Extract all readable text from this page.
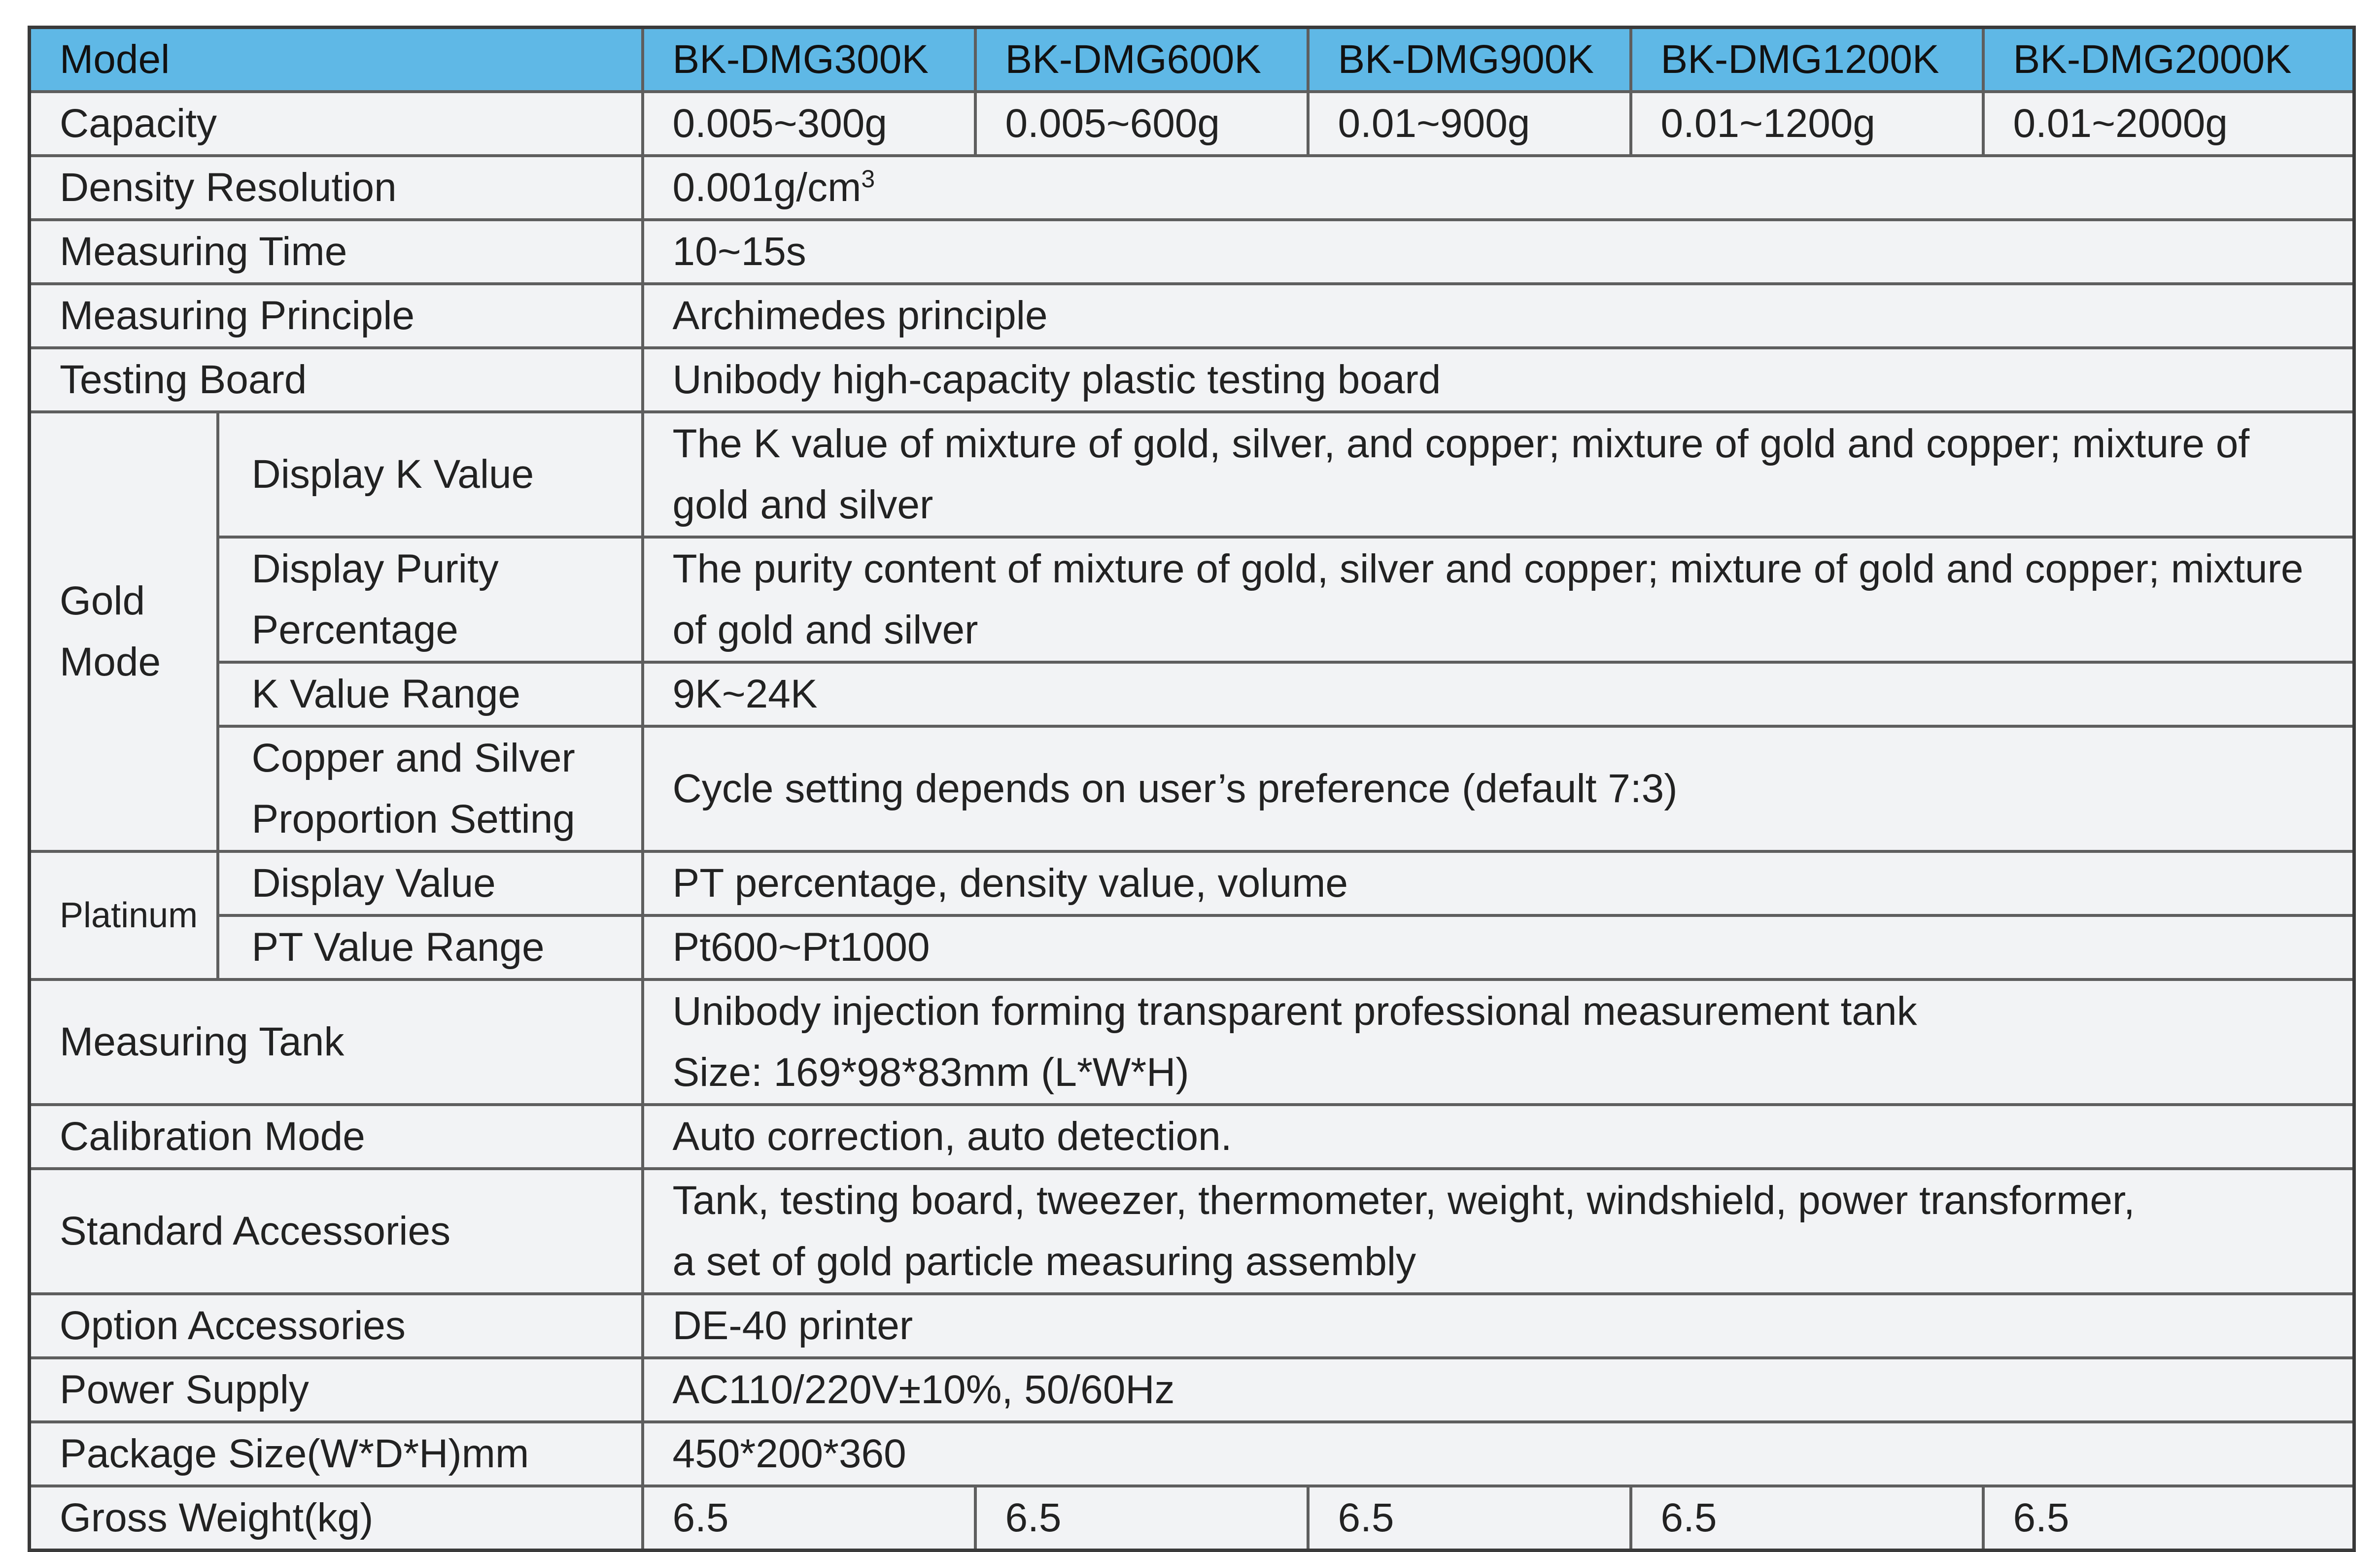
Model		BK-DMG300K	BK-DMG600K	BK-DMG900K	BK-DMG1200K	BK-DMG2000K
Capacity		0.005~300g	0.005~600g	0.01~900g	0.01~1200g	0.01~2000g
Density Resolution		$0.001g/cm^3$
Measuring Time		10~15s				
Measuring Principle		Archimedes principle				
Testing Board		Unibody high-capacity plastic testing board				
Gold Mode	Display K Value	The K value of mixture of gold, silver, and copper; mixture of gold and copper; mixture of gold and silver				
	Display Purity Percentage	The purity content of mixture of gold, silver and copper; mixture of gold and copper; mixture of gold and silver				
	K Value Range	9K~24K				
	Copper and Silver Proportion Setting	Cycle setting depends on user’s preference (default 7:3)				
Platinum	Display Value	PT percentage, density value, volume				
	PT Value Range	Pt600~Pt1000				
Measuring Tank		Unibody injection forming transparent professional measurement tank
Size: 169*98*83mm (L*W*H)				

Calibration Mode		Auto correction, auto detection.				
Standard Accessories		Tank, testing board, tweezer, thermometer, weight, windshield, power transformer,
a set of gold particle measuring assembly				

Option Accessories		DE-40 printer				
Power Supply		AC110/220V±10%, 50/60Hz				
Package Size(W*D*H)mm		450*200*360				
Gross Weight(kg)		6.5	6.5	6.5	6.5	6.5
